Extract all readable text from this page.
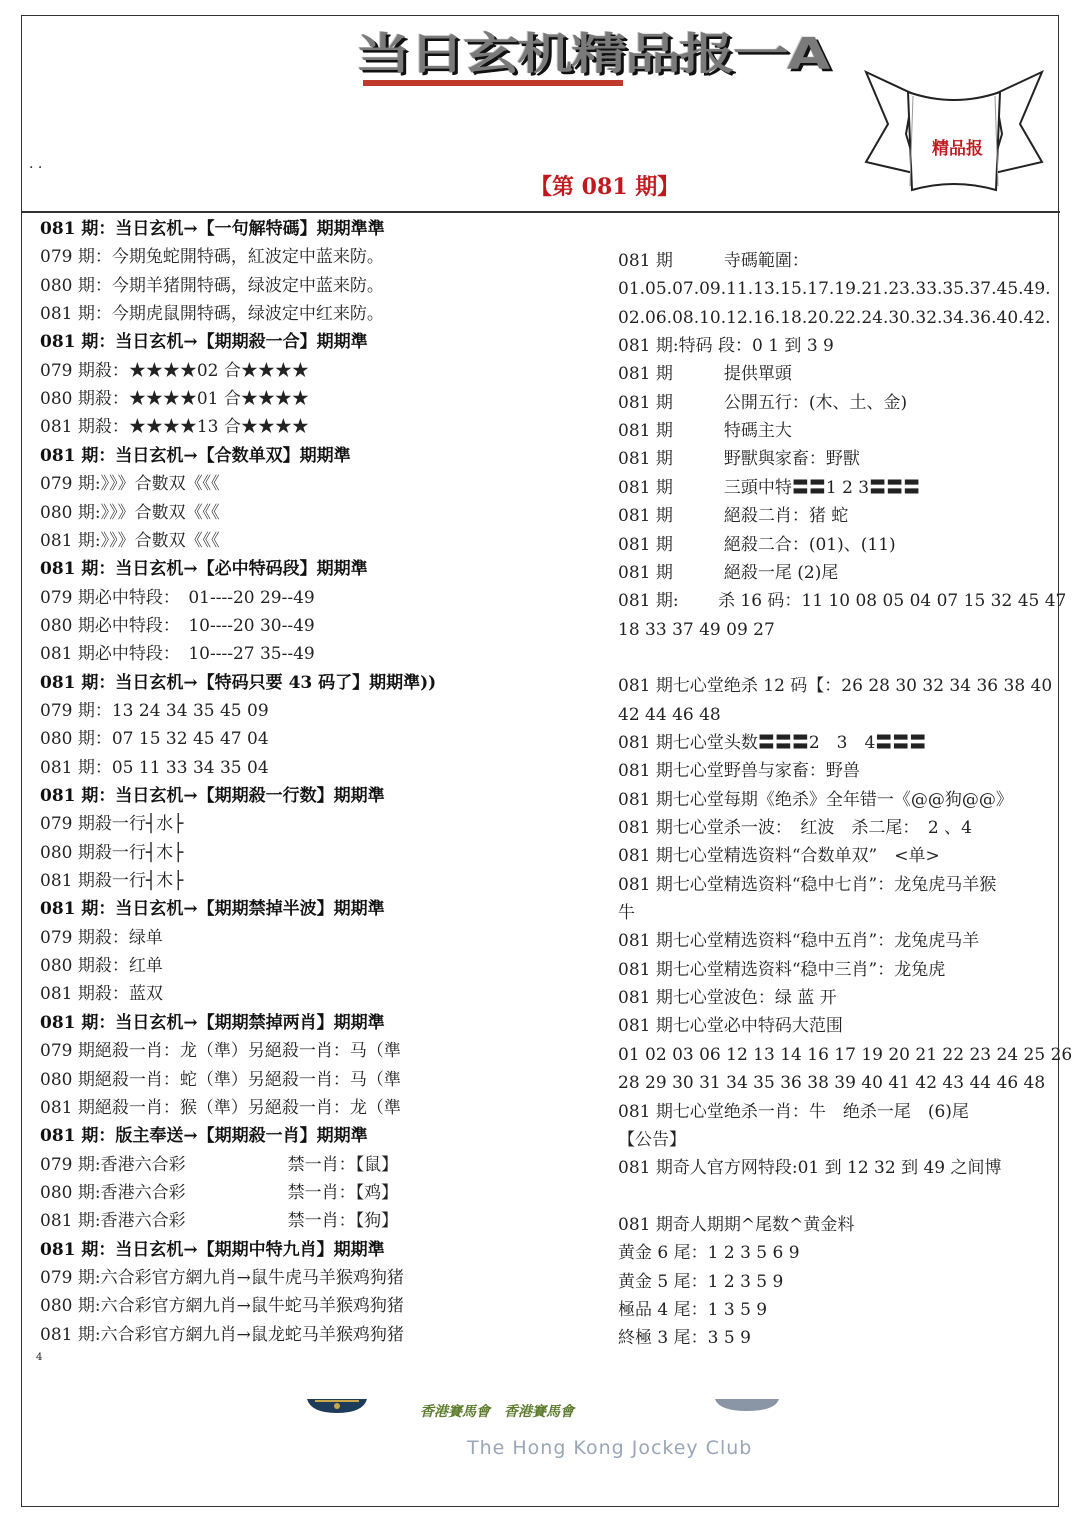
当日玄机精品报一A
精品报
· ·
【第 081 期】
081 期：当日玄机→【一句解特碼】期期準準
079 期：今期兔蛇開特碼，紅波定中蓝来防。
080 期：今期羊猪開特碼，绿波定中蓝来防。
081 期：今期虎鼠開特碼，绿波定中红来防。
081 期：当日玄机→【期期殺一合】期期準
079 期殺：★★★★02 合★★★★
080 期殺：★★★★01 合★★★★
081 期殺：★★★★13 合★★★★
081 期：当日玄机→【合数单双】期期準
079 期:》》》合數双《《《
080 期:》》》合數双《《《
081 期:》》》合數双《《《
081 期：当日玄机→【必中特码段】期期準
079 期必中特段：　01----20 29--49
080 期必中特段：　10----20 30--49
081 期必中特段：　10----27 35--49
081 期：当日玄机→【特码只要 43 码了】期期準))
079 期：13 24 34 35 45 09
080 期：07 15 32 45 47 04
081 期：05 11 33 34 35 04
081 期：当日玄机→【期期殺一行数】期期準
079 期殺一行┤水├
080 期殺一行┤木├
081 期殺一行┤木├
081 期：当日玄机→【期期禁掉半波】期期準
079 期殺：绿单
080 期殺：红单
081 期殺：蓝双
081 期：当日玄机→【期期禁掉两肖】期期準
079 期絕殺一肖：龙（準）另絕殺一肖：马（準
080 期絕殺一肖：蛇（準）另絕殺一肖：马（準
081 期絕殺一肖：猴（準）另絕殺一肖：龙（準
081 期：版主奉送→【期期殺一肖】期期準
079 期:香港六合彩　　　　　　禁一肖：【鼠】
080 期:香港六合彩　　　　　　禁一肖：【鸡】
081 期:香港六合彩　　　　　　禁一肖：【狗】
081 期：当日玄机→【期期中特九肖】期期準
079 期:六合彩官方網九肖→鼠牛虎马羊猴鸡狗猪
080 期:六合彩官方網九肖→鼠牛蛇马羊猴鸡狗猪
081 期:六合彩官方網九肖→鼠龙蛇马羊猴鸡狗猪
081 期　　　寺碼範圍：
01.05.07.09.11.13.15.17.19.21.23.33.35.37.45.49.
02.06.08.10.12.16.18.20.22.24.30.32.34.36.40.42.
081 期:特码 段：0 1 到 3 9
081 期　　　提供單頭
081 期　　　公開五行：(木、土、金)
081 期　　　特碼主大
081 期　　　野獸與家畜：野獸
081 期　　　三頭中特〓〓1 2 3〓〓〓
081 期　　　絕殺二肖：猪 蛇
081 期　　　絕殺二合：(01)、(11)
081 期　　　絕殺一尾 (2)尾
081 期:　　 杀 16 码：11 10 08 05 04 07 15 32 45 47
18 33 37 49 09 27
081 期七心堂绝杀 12 码【：26 28 30 32 34 36 38 40
42 44 46 48
081 期七心堂头数〓〓〓2　3　4〓〓〓
081 期七心堂野兽与家畜：野兽
081 期七心堂每期《绝杀》全年错一《@@狗@@》
081 期七心堂杀一波：　红波　杀二尾：　2 、4
081 期七心堂精选资料“合数单双”　<单>
081 期七心堂精选资料“稳中七肖”：龙兔虎马羊猴
牛
081 期七心堂精选资料“稳中五肖”：龙兔虎马羊
081 期七心堂精选资料“稳中三肖”：龙兔虎
081 期七心堂波色：绿 蓝 开
081 期七心堂必中特码大范围
01 02 03 06 12 13 14 16 17 19 20 21 22 23 24 25 26
28 29 30 31 34 35 36 38 39 40 41 42 43 44 46 48
081 期七心堂绝杀一肖：牛　绝杀一尾　(6)尾
【公告】
081 期奇人官方网特段:01 到 12 32 到 49 之间博
081 期奇人期期^尾数^黄金料
黄金 6 尾：1 2 3 5 6 9
黄金 5 尾：1 2 3 5 9
極品 4 尾：1 3 5 9
終極 3 尾：3 5 9
4
香港賽馬會　香港賽馬會
The Hong Kong Jockey Club
